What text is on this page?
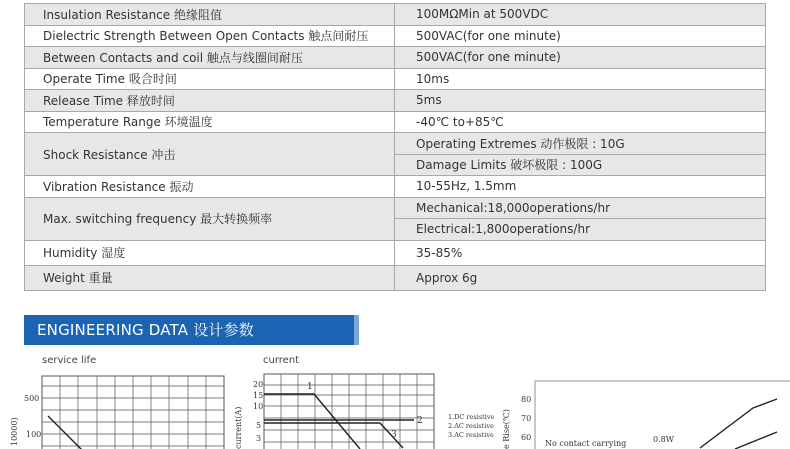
Insulation Resistance 绝缘阻值	100MΩMin at 500VDC
Dielectric Strength Between Open Contacts 触点间耐压	500VAC(for one minute)
Between Contacts and coil 触点与线圈间耐压	500VAC(for one minute)
Operate Time 吸合时间	10ms
Release Time 释放时间	5ms
Temperature Range 环境温度	-40℃ to+85℃
Shock Resistance 冲击	Operating Extremes 动作极限 : 10G
	Damage Limits 破坏极限 : 100G
Vibration Resistance 振动	10-55Hz, 1.5mm
Max. switching frequency 最大转换频率	Mechanical:18,000operations/hr
	Electrical:1,800operations/hr
Humidity 湿度	35-85%
Weight 重量	Approx 6g
ENGINEERING DATA 设计参数
service life
500
100
10000)
current
1
2
3
20
15
10
5
3
current(A)	1.DC resistive
2.AC resistive
3.AC resistive
80
70
60
e Rise(℃)	No contact carrying	0.8W
